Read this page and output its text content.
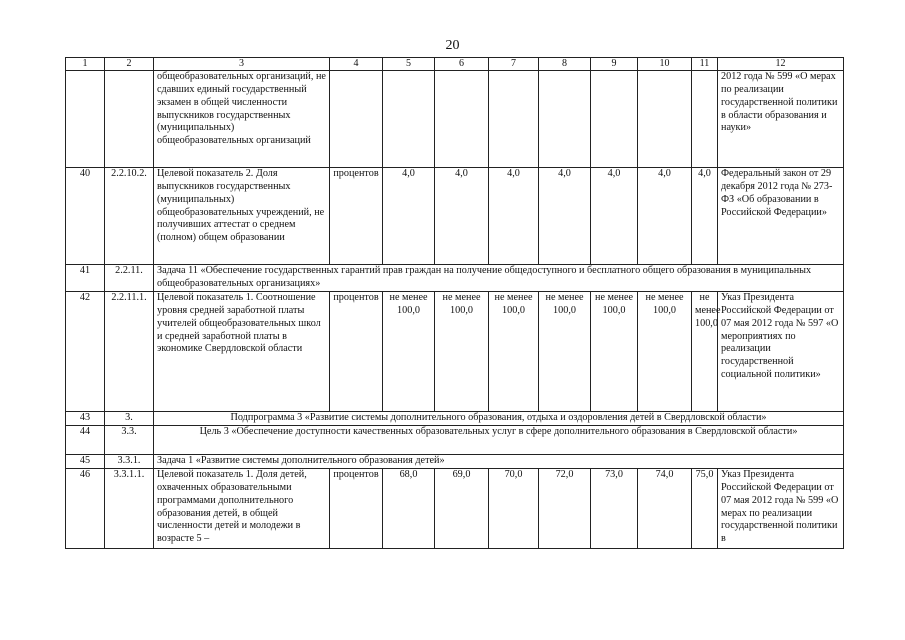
20
1	2	3	4	5	6	7	8	9	10	11	12
		общеобразовательных организаций, не сдавших единый государственный экзамен в общей численности выпускников государственных (муниципальных) общеобразовательных организаций									2012 года № 599 «О мерах по реализации государственной политики в области образования и науки»
40	2.2.10.2.	Целевой показатель 2. Доля выпускников государственных (муниципальных) общеобразовательных учреждений, не получивших аттестат о среднем (полном) общем образовании	процентов	4,0	4,0	4,0	4,0	4,0	4,0	4,0	Федеральный закон от 29 декабря 2012 года № 273-ФЗ «Об образовании в Российской Федерации»
41	2.2.11.	Задача 11 «Обеспечение государственных гарантий прав граждан на получение общедоступного и бесплатного общего образования в муниципальных общеобразовательных организациях»									
42	2.2.11.1.	Целевой показатель 1. Соотношение уровня средней заработной платы учителей общеобразовательных школ и средней заработной платы в экономике Свердловской области	процентов	не менее 100,0	не менее 100,0	не менее 100,0	не менее 100,0	не менее 100,0	не менее 100,0	не менее 100,0	Указ Президента Российской Федерации от 07 мая 2012 года № 597 «О мероприятиях по реализации государственной социальной политики»
43	3.	Подпрограмма 3 «Развитие системы дополнительного образования, отдыха и оздоровления детей в Свердловской области»									
44	3.3.	Цель 3 «Обеспечение доступности качественных образовательных услуг в сфере дополнительного образования в Свердловской области»									
45	3.3.1.	Задача 1 «Развитие системы дополнительного образования детей»									
46	3.3.1.1.	Целевой показатель 1. Доля детей, охваченных образовательными программами дополнительного образования детей, в общей численности детей и молодежи в возрасте 5 –	процентов	68,0	69,0	70,0	72,0	73,0	74,0	75,0	Указ Президента Российской Федерации от 07 мая 2012 года № 599 «О мерах по реализации государственной политики в
